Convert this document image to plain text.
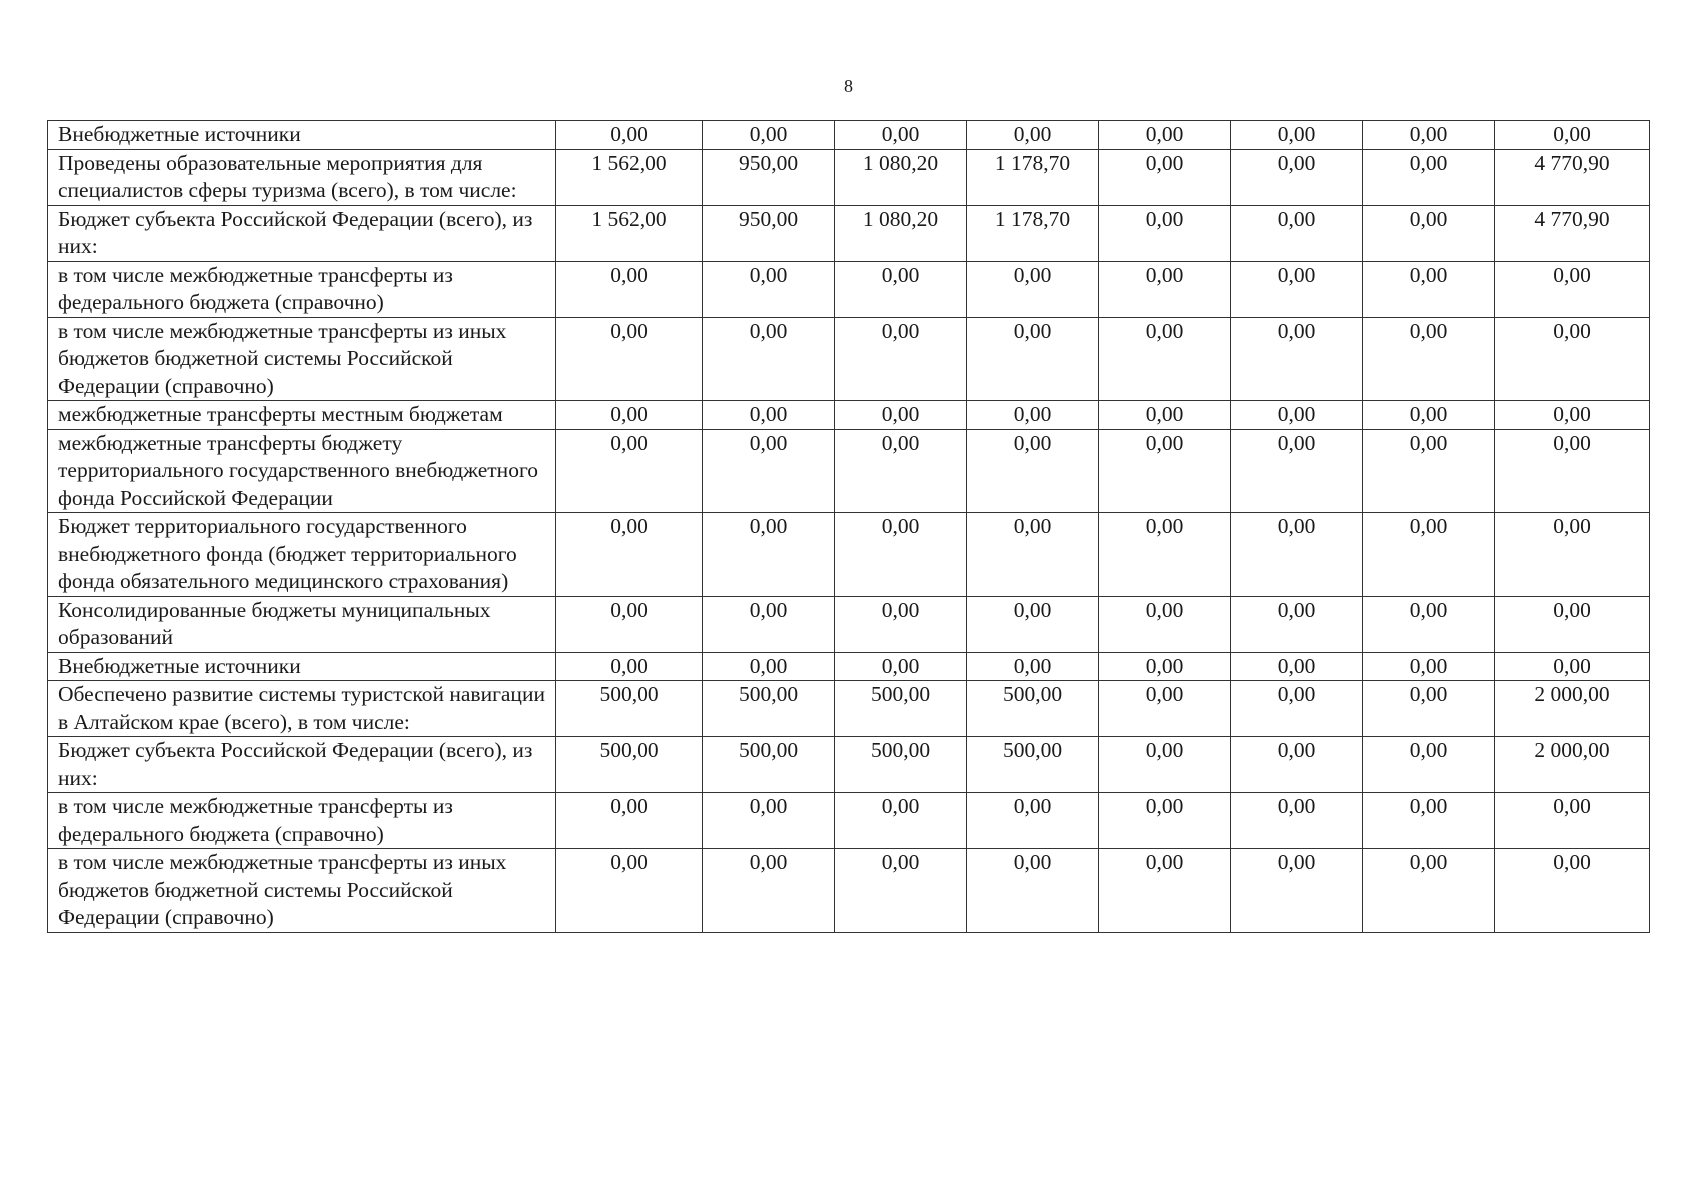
8
Внебюджетные источники	0,00	0,00	0,00	0,00	0,00	0,00	0,00	0,00
Проведены образовательные мероприятия для специалистов сферы туризма (всего), в том числе:	1 562,00	950,00	1 080,20	1 178,70	0,00	0,00	0,00	4 770,90
Бюджет субъекта Российской Федерации (всего), из них:	1 562,00	950,00	1 080,20	1 178,70	0,00	0,00	0,00	4 770,90
в том числе межбюджетные трансферты из федерального бюджета (справочно)	0,00	0,00	0,00	0,00	0,00	0,00	0,00	0,00
в том числе межбюджетные трансферты из иных бюджетов бюджетной системы Российской Федерации (справочно)	0,00	0,00	0,00	0,00	0,00	0,00	0,00	0,00
межбюджетные трансферты местным бюджетам	0,00	0,00	0,00	0,00	0,00	0,00	0,00	0,00
межбюджетные трансферты бюджету территориального государственного внебюджетного фонда Российской Федерации	0,00	0,00	0,00	0,00	0,00	0,00	0,00	0,00
Бюджет территориального государственного внебюджетного фонда (бюджет территориального фонда обязательного медицинского страхования)	0,00	0,00	0,00	0,00	0,00	0,00	0,00	0,00
Консолидированные бюджеты муниципальных образований	0,00	0,00	0,00	0,00	0,00	0,00	0,00	0,00
Внебюджетные источники	0,00	0,00	0,00	0,00	0,00	0,00	0,00	0,00
Обеспечено развитие системы туристской навигации в Алтайском крае (всего), в том числе:	500,00	500,00	500,00	500,00	0,00	0,00	0,00	2 000,00
Бюджет субъекта Российской Федерации (всего), из них:	500,00	500,00	500,00	500,00	0,00	0,00	0,00	2 000,00
в том числе межбюджетные трансферты из федерального бюджета (справочно)	0,00	0,00	0,00	0,00	0,00	0,00	0,00	0,00
в том числе межбюджетные трансферты из иных бюджетов бюджетной системы Российской Федерации (справочно)	0,00	0,00	0,00	0,00	0,00	0,00	0,00	0,00
